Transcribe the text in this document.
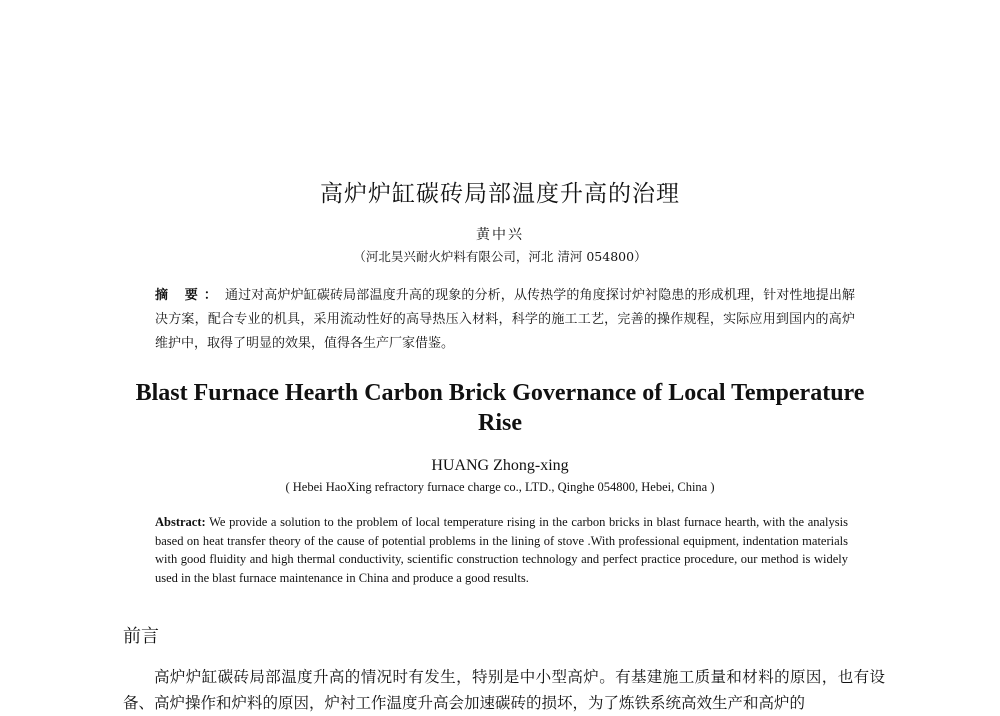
高炉炉缸碳砖局部温度升高的治理
黄中兴
（河北昊兴耐火炉料有限公司，河北 清河 054800）
摘 要： 通过对高炉炉缸碳砖局部温度升高的现象的分析，从传热学的角度探讨炉衬隐患的形成机理，针对性地提出解决方案，配合专业的机具，采用流动性好的高导热压入材料，科学的施工工艺，完善的操作规程，实际应用到国内的高炉维护中，取得了明显的效果，值得各生产厂家借鉴。
Blast Furnace Hearth Carbon Brick Governance of Local Temperature Rise
HUANG Zhong-xing
( Hebei HaoXing refractory furnace charge co., LTD., Qinghe 054800, Hebei, China )
Abstract: We provide a solution to the problem of local temperature rising in the carbon bricks in blast furnace hearth, with the analysis based on heat transfer theory of the cause of potential problems in the lining of stove .With professional equipment, indentation materials with good fluidity and high thermal conductivity, scientific construction technology and perfect practice procedure, our method is widely used in the blast furnace maintenance in China and produce a good results.
前言
高炉炉缸碳砖局部温度升高的情况时有发生，特别是中小型高炉。有基建施工质量和材料的原因，也有设备、高炉操作和炉料的原因，炉衬工作温度升高会加速碳砖的损坏，为了炼铁系统高效生产和高炉的
